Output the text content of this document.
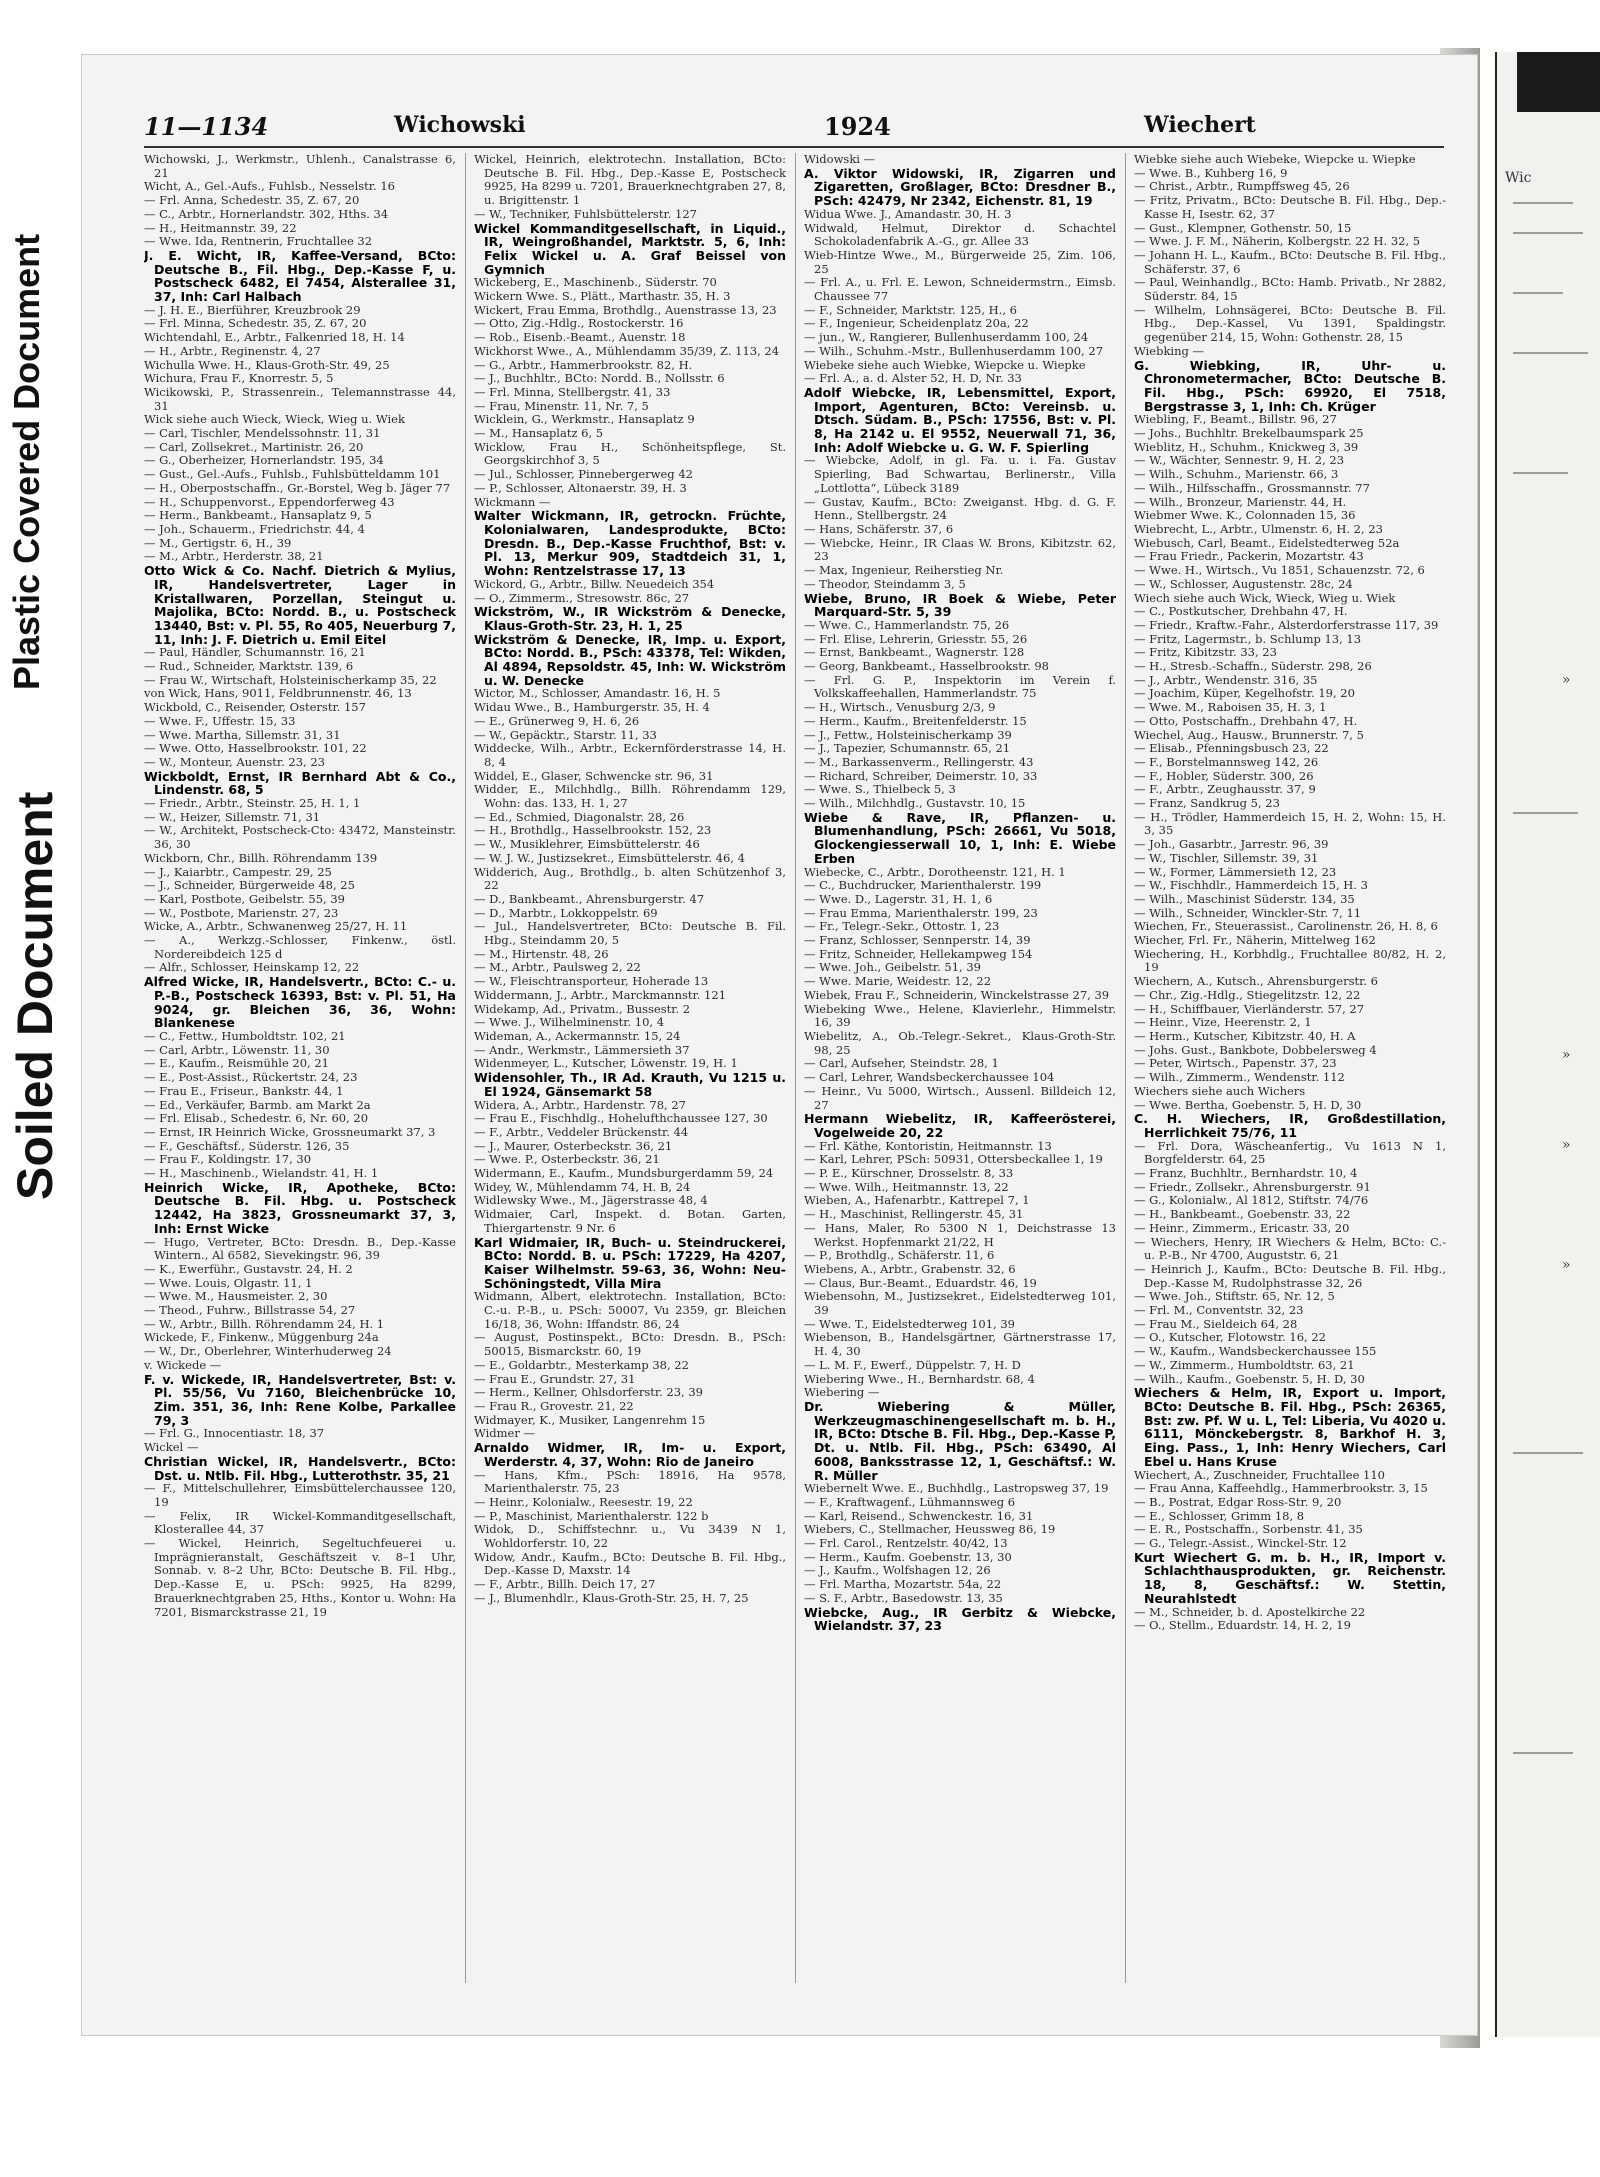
Plastic Covered Document
Soiled Document
Wic
»
»
»
»
11—1134	Wichowski	1924	Wiechert

Wichowski, J., Werkmstr., Uhlenh., Canalstrasse 6, 21

Wicht, A., Gel.-Aufs., Fuhlsb., Nesselstr. 16

— Frl. Anna, Schedestr. 35, Z. 67, 20

— C., Arbtr., Hornerlandstr. 302, Hths. 34

— H., Heitmannstr. 39, 22

— Wwe. Ida, Rentnerin, Fruchtallee 32

J. E. Wicht, IR, Kaffee-Versand, BCto: Deutsche B., Fil. Hbg., Dep.-Kasse F, u. Postscheck 6482, El 7454, Alsterallee 31, 37, Inh: Carl Halbach

— J. H. E., Bierführer, Kreuzbrook 29

— Frl. Minna, Schedestr. 35, Z. 67, 20

Wichtendahl, E., Arbtr., Falkenried 18, H. 14

— H., Arbtr., Reginenstr. 4, 27

Wichulla Wwe. H., Klaus-Groth-Str. 49, 25

Wichura, Frau F., Knorrestr. 5, 5

Wicikowski, P., Strassenrein., Telemannstrasse 44, 31

Wick siehe auch Wieck, Wieck, Wieg u. Wiek

— Carl, Tischler, Mendelssohnstr. 11, 31

— Carl, Zollsekret., Martinistr. 26, 20

— G., Oberheizer, Hornerlandstr. 195, 34

— Gust., Gel.-Aufs., Fuhlsb., Fuhlsbütteldamm 101

— H., Oberpostschaffn., Gr.-Borstel, Weg b. Jäger 77

— H., Schuppenvorst., Eppendorferweg 43

— Herm., Bankbeamt., Hansaplatz 9, 5

— Joh., Schauerm., Friedrichstr. 44, 4

— M., Gertigstr. 6, H., 39

— M., Arbtr., Herderstr. 38, 21

Otto Wick & Co. Nachf. Dietrich & Mylius, IR, Handelsvertreter, Lager in Kristallwaren, Porzellan, Steingut u. Majolika, BCto: Nordd. B., u. Postscheck 13440, Bst: v. Pl. 55, Ro 405, Neuerburg 7, 11, Inh: J. F. Dietrich u. Emil Eitel

— Paul, Händler, Schumannstr. 16, 21

— Rud., Schneider, Marktstr. 139, 6

— Frau W., Wirtschaft, Holsteinischerkamp 35, 22

von Wick, Hans, 9011, Feldbrunnenstr. 46, 13

Wickbold, C., Reisender, Osterstr. 157

— Wwe. F., Uffestr. 15, 33

— Wwe. Martha, Sillemstr. 31, 31

— Wwe. Otto, Hasselbrookstr. 101, 22

— W., Monteur, Auenstr. 23, 23

Wickboldt, Ernst, IR Bernhard Abt & Co., Lindenstr. 68, 5

— Friedr., Arbtr., Steinstr. 25, H. 1, 1

— W., Heizer, Sillemstr. 71, 31

— W., Architekt, Postscheck-Cto: 43472, Mansteinstr. 36, 30

Wickborn, Chr., Billh. Röhrendamm 139

— J., Kaiarbtr., Campestr. 29, 25

— J., Schneider, Bürgerweide 48, 25

— Karl, Postbote, Geibelstr. 55, 39

— W., Postbote, Marienstr. 27, 23

Wicke, A., Arbtr., Schwanenweg 25/27, H. 11

— A., Werkzg.-Schlosser, Finkenw., östl. Nordereibdeich 125 d

— Alfr., Schlosser, Heinskamp 12, 22

Alfred Wicke, IR, Handelsvertr., BCto: C.- u. P.-B., Postscheck 16393, Bst: v. Pl. 51, Ha 9024, gr. Bleichen 36, 36, Wohn: Blankenese

— C., Fettw., Humboldtstr. 102, 21

— Carl, Arbtr., Löwenstr. 11, 30

— E., Kaufm., Reismühle 20, 21

— E., Post-Assist., Rückertstr. 24, 23

— Frau E., Friseur., Bankstr. 44, 1

— Ed., Verkäufer, Barmb. am Markt 2a

— Frl. Elisab., Schedestr. 6, Nr. 60, 20

— Ernst, IR Heinrich Wicke, Grossneumarkt 37, 3

— F., Geschäftsf., Süderstr. 126, 35

— Frau F., Koldingstr. 17, 30

— H., Maschinenb., Wielandstr. 41, H. 1

Heinrich Wicke, IR, Apotheke, BCto: Deutsche B. Fil. Hbg. u. Postscheck 12442, Ha 3823, Grossneumarkt 37, 3, Inh: Ernst Wicke

— Hugo, Vertreter, BCto: Dresdn. B., Dep.-Kasse Wintern., Al 6582, Sievekingstr. 96, 39

— K., Ewerführ., Gustavstr. 24, H. 2

— Wwe. Louis, Olgastr. 11, 1

— Wwe. M., Hausmeister. 2, 30

— Theod., Fuhrw., Billstrasse 54, 27

— W., Arbtr., Billh. Röhrendamm 24, H. 1

Wickede, F., Finkenw., Müggenburg 24a

— W., Dr., Oberlehrer, Winterhuderweg 24

v. Wickede —

F. v. Wickede, IR, Handelsvertreter, Bst: v. Pl. 55/56, Vu 7160, Bleichenbrücke 10, Zim. 351, 36, Inh: Rene Kolbe, Parkallee 79, 3

— Frl. G., Innocentiastr. 18, 37

Wickel —

Christian Wickel, IR, Handelsvertr., BCto: Dst. u. Ntlb. Fil. Hbg., Lutterothstr. 35, 21

— F., Mittelschullehrer, Eimsbüttelerchaussee 120, 19

— Felix, IR Wickel-Kommanditgesellschaft, Klosterallee 44, 37

— Wickel, Heinrich, Segeltuchfeuerei u. Imprägnieranstalt, Geschäftszeit v. 8–1 Uhr, Sonnab. v. 8–2 Uhr, BCto: Deutsche B. Fil. Hbg., Dep.-Kasse E, u. PSch: 9925, Ha 8299, Brauerknechtgraben 25, Hths., Kontor u. Wohn: Ha 7201, Bismarckstrasse 21, 19

Wickel, Heinrich, elektrotechn. Installation, BCto: Deutsche B. Fil. Hbg., Dep.-Kasse E, Postscheck 9925, Ha 8299 u. 7201, Brauerknechtgraben 27, 8, u. Brigittenstr. 1

— W., Techniker, Fuhlsbüttelerstr. 127

Wickel Kommanditgesellschaft, in Liquid., IR, Weingroßhandel, Marktstr. 5, 6, Inh: Felix Wickel u. A. Graf Beissel von Gymnich

Wickeberg, E., Maschinenb., Süderstr. 70

Wickern Wwe. S., Plätt., Marthastr. 35, H. 3

Wickert, Frau Emma, Brothdlg., Auenstrasse 13, 23

— Otto, Zig.-Hdlg., Rostockerstr. 16

— Rob., Eisenb.-Beamt., Auenstr. 18

Wickhorst Wwe., A., Mühlendamm 35/39, Z. 113, 24

— G., Arbtr., Hammerbrookstr. 82, H.

— J., Buchhltr., BCto: Nordd. B., Nollsstr. 6

— Frl. Minna, Stellbergstr. 41, 33

— Frau, Minenstr. 11, Nr. 7, 5

Wicklein, G., Werkmstr., Hansaplatz 9

— M., Hansaplatz 6, 5

Wicklow, Frau H., Schönheitspflege, St. Georgskirchhof 3, 5

— Jul., Schlosser, Pinnebergerweg 42

— P., Schlosser, Altonaerstr. 39, H. 3

Wickmann —

Walter Wickmann, IR, getrockn. Früchte, Kolonialwaren, Landesprodukte, BCto: Dresdn. B., Dep.-Kasse Fruchthof, Bst: v. Pl. 13, Merkur 909, Stadtdeich 31, 1, Wohn: Rentzelstrasse 17, 13

Wickord, G., Arbtr., Billw. Neuedeich 354

— O., Zimmerm., Stresowstr. 86c, 27

Wickström, W., IR Wickström & Denecke, Klaus-Groth-Str. 23, H. 1, 25

Wickström & Denecke, IR, Imp. u. Export, BCto: Nordd. B., PSch: 43378, Tel: Wikden, Al 4894, Repsoldstr. 45, Inh: W. Wickström u. W. Denecke

Wictor, M., Schlosser, Amandastr. 16, H. 5

Widau Wwe., B., Hamburgerstr. 35, H. 4

— E., Grünerweg 9, H. 6, 26

— W., Gepäcktr., Starstr. 11, 33

Widdecke, Wilh., Arbtr., Eckernförderstrasse 14, H. 8, 4

Widdel, E., Glaser, Schwencke str. 96, 31

Widder, E., Milchhdlg., Billh. Röhrendamm 129, Wohn: das. 133, H. 1, 27

— Ed., Schmied, Diagonalstr. 28, 26

— H., Brothdlg., Hasselbrookstr. 152, 23

— W., Musiklehrer, Eimsbüttelerstr. 46

— W. J. W., Justizsekret., Eimsbüttelerstr. 46, 4

Widderich, Aug., Brothdlg., b. alten Schützenhof 3, 22

— D., Bankbeamt., Ahrensburgerstr. 47

— D., Marbtr., Lokkoppelstr. 69

— Jul., Handelsvertreter, BCto: Deutsche B. Fil. Hbg., Steindamm 20, 5

— M., Hirtenstr. 48, 26

— M., Arbtr., Paulsweg 2, 22

— W., Fleischtransporteur, Hoherade 13

Widdermann, J., Arbtr., Marckmannstr. 121

Widekamp, Ad., Privatm., Bussestr. 2

— Wwe. J., Wilhelminenstr. 10, 4

Wideman, A., Ackermannstr. 15, 24

— Andr., Werkmstr., Lämmersieth 37

Widenmeyer, L., Kutscher, Löwenstr. 19, H. 1

Widensohler, Th., IR Ad. Krauth, Vu 1215 u. El 1924, Gänsemarkt 58

Widera, A., Arbtr., Hardenstr. 78, 27

— Frau E., Fischhdlg., Hohelufthchaussee 127, 30

— F., Arbtr., Veddeler Brückenstr. 44

— J., Maurer, Osterbeckstr. 36, 21

— Wwe. P., Osterbeckstr. 36, 21

Widermann, E., Kaufm., Mundsburgerdamm 59, 24

Widey, W., Mühlendamm 74, H. B, 24

Widlewsky Wwe., M., Jägerstrasse 48, 4

Widmaier, Carl, Inspekt. d. Botan. Garten, Thiergartenstr. 9 Nr. 6

Karl Widmaier, IR, Buch- u. Steindruckerei, BCto: Nordd. B. u. PSch: 17229, Ha 4207, Kaiser Wilhelmstr. 59-63, 36, Wohn: Neu-Schöningstedt, Villa Mira

Widmann, Albert, elektrotechn. Installation, BCto: C.-u. P.-B., u. PSch: 50007, Vu 2359, gr. Bleichen 16/18, 36, Wohn: Iffandstr. 86, 24

— August, Postinspekt., BCto: Dresdn. B., PSch: 50015, Bismarckstr. 60, 19

— E., Goldarbtr., Mesterkamp 38, 22

— Frau E., Grundstr. 27, 31

— Herm., Kellner, Ohlsdorferstr. 23, 39

— Frau R., Grovestr. 21, 22

Widmayer, K., Musiker, Langenrehm 15

Widmer —

Arnaldo Widmer, IR, Im- u. Export, Werderstr. 4, 37, Wohn: Rio de Janeiro

— Hans, Kfm., PSch: 18916, Ha 9578, Marienthalerstr. 75, 23

— Heinr., Kolonialw., Reesestr. 19, 22

— P., Maschinist, Marienthalerstr. 122 b

Widok, D., Schiffstechnr. u., Vu 3439 N 1, Wohldorferstr. 10, 22

Widow, Andr., Kaufm., BCto: Deutsche B. Fil. Hbg., Dep.-Kasse D, Maxstr. 14

— F., Arbtr., Billh. Deich 17, 27

— J., Blumenhdlr., Klaus-Groth-Str. 25, H. 7, 25

Widowski —

A. Viktor Widowski, IR, Zigarren und Zigaretten, Großlager, BCto: Dresdner B., PSch: 42479, Nr 2342, Eichenstr. 81, 19

Widua Wwe. J., Amandastr. 30, H. 3

Widwald, Helmut, Direktor d. Schachtel Schokoladenfabrik A.-G., gr. Allee 33

Wieb-Hintze Wwe., M., Bürgerweide 25, Zim. 106, 25

— Frl. A., u. Frl. E. Lewon, Schneidermstrn., Eimsb. Chaussee 77

— F., Schneider, Marktstr. 125, H., 6

— F., Ingenieur, Scheidenplatz 20a, 22

— jun., W., Rangierer, Bullenhuserdamm 100, 24

— Wilh., Schuhm.-Mstr., Bullenhuserdamm 100, 27

Wiebeke siehe auch Wiebke, Wiepcke u. Wiepke

— Frl. A., a. d. Alster 52, H. D, Nr. 33

Adolf Wiebcke, IR, Lebensmittel, Export, Import, Agenturen, BCto: Vereinsb. u. Dtsch. Südam. B., PSch: 17556, Bst: v. Pl. 8, Ha 2142 u. El 9552, Neuerwall 71, 36, Inh: Adolf Wiebcke u. G. W. F. Spierling

— Wiebcke, Adolf, in gl. Fa. u. i. Fa. Gustav Spierling, Bad Schwartau, Berlinerstr., Villa „Lottlotta“, Lübeck 3189

— Gustav, Kaufm., BCto: Zweiganst. Hbg. d. G. F. Henn., Stellbergstr. 24

— Hans, Schäferstr. 37, 6

— Wiebcke, Heinr., IR Claas W. Brons, Kibitzstr. 62, 23

— Max, Ingenieur, Reiherstieg Nr.

— Theodor, Steindamm 3, 5

Wiebe, Bruno, IR Boek & Wiebe, Peter Marquard-Str. 5, 39

— Wwe. C., Hammerlandstr. 75, 26

— Frl. Elise, Lehrerin, Griesstr. 55, 26

— Ernst, Bankbeamt., Wagnerstr. 128

— Georg, Bankbeamt., Hasselbrookstr. 98

— Frl. G. P., Inspektorin im Verein f. Volkskaffeehallen, Hammerlandstr. 75

— H., Wirtsch., Venusburg 2/3, 9

— Herm., Kaufm., Breitenfelderstr. 15

— J., Fettw., Holsteinischerkamp 39

— J., Tapezier, Schumannstr. 65, 21

— M., Barkassenverm., Rellingerstr. 43

— Richard, Schreiber, Deimerstr. 10, 33

— Wwe. S., Thielbeck 5, 3

— Wilh., Milchhdlg., Gustavstr. 10, 15

Wiebe & Rave, IR, Pflanzen- u. Blumenhandlung, PSch: 26661, Vu 5018, Glockengiesserwall 10, 1, Inh: E. Wiebe Erben

Wiebecke, C., Arbtr., Dorotheenstr. 121, H. 1

— C., Buchdrucker, Marienthalerstr. 199

— Wwe. D., Lagerstr. 31, H. 1, 6

— Frau Emma, Marienthalerstr. 199, 23

— Fr., Telegr.-Sekr., Ottostr. 1, 23

— Franz, Schlosser, Sennperstr. 14, 39

— Fritz, Schneider, Hellekampweg 154

— Wwe. Joh., Geibelstr. 51, 39

— Wwe. Marie, Weidestr. 12, 22

Wiebek, Frau F., Schneiderin, Winckelstrasse 27, 39

Wiebeking Wwe., Helene, Klavierlehr., Himmelstr. 16, 39

Wiebelitz, A., Ob.-Telegr.-Sekret., Klaus-Groth-Str. 98, 25

— Carl, Aufseher, Steindstr. 28, 1

— Carl, Lehrer, Wandsbeckerchaussee 104

— Heinr., Vu 5000, Wirtsch., Aussenl. Billdeich 12, 27

Hermann Wiebelitz, IR, Kaffeerösterei, Vogelweide 20, 22

— Frl. Käthe, Kontoristin, Heitmannstr. 13

— Karl, Lehrer, PSch: 50931, Ottersbeckallee 1, 19

— P. E., Kürschner, Drosselstr. 8, 33

— Wwe. Wilh., Heitmannstr. 13, 22

Wieben, A., Hafenarbtr., Kattrepel 7, 1

— H., Maschinist, Rellingerstr. 45, 31

— Hans, Maler, Ro 5300 N 1, Deichstrasse 13 Werkst. Hopfenmarkt 21/22, H

— P., Brothdlg., Schäferstr. 11, 6

Wiebens, A., Arbtr., Grabenstr. 32, 6

— Claus, Bur.-Beamt., Eduardstr. 46, 19

Wiebensohn, M., Justizsekret., Eidelstedterweg 101, 39

— Wwe. T., Eidelstedterweg 101, 39

Wiebenson, B., Handelsgärtner, Gärtnerstrasse 17, H. 4, 30

— L. M. F., Ewerf., Düppelstr. 7, H. D

Wiebering Wwe., H., Bernhardstr. 68, 4

Wiebering —

Dr. Wiebering & Müller, Werkzeugmaschinengesellschaft m. b. H., IR, BCto: Dtsche B. Fil. Hbg., Dep.-Kasse P, Dt. u. Ntlb. Fil. Hbg., PSch: 63490, Al 6008, Banksstrasse 12, 1, Geschäftsf.: W. R. Müller

Wiebernelt Wwe. E., Buchhdlg., Lastropsweg 37, 19

— F., Kraftwagenf., Lühmannsweg 6

— Karl, Reisend., Schwenckestr. 16, 31

Wiebers, C., Stellmacher, Heussweg 86, 19

— Frl. Carol., Rentzelstr. 40/42, 13

— Herm., Kaufm. Goebenstr. 13, 30

— J., Kaufm., Wolfshagen 12, 26

— Frl. Martha, Mozartstr. 54a, 22

— S. F., Arbtr., Basedowstr. 13, 35

Wiebcke, Aug., IR Gerbitz & Wiebcke, Wielandstr. 37, 23

Wiebke siehe auch Wiebeke, Wiepcke u. Wiepke

— Wwe. B., Kuhberg 16, 9

— Christ., Arbtr., Rumpffsweg 45, 26

— Fritz, Privatm., BCto: Deutsche B. Fil. Hbg., Dep.-Kasse H, Isestr. 62, 37

— Gust., Klempner, Gothenstr. 50, 15

— Wwe. J. F. M., Näherin, Kolbergstr. 22 H. 32, 5

— Johann H. L., Kaufm., BCto: Deutsche B. Fil. Hbg., Schäferstr. 37, 6

— Paul, Weinhandlg., BCto: Hamb. Privatb., Nr 2882, Süderstr. 84, 15

— Wilhelm, Lohnsägerei, BCto: Deutsche B. Fil. Hbg., Dep.-Kassel, Vu 1391, Spaldingstr. gegenüber 214, 15, Wohn: Gothenstr. 28, 15

Wiebking —

G. Wiebking, IR, Uhr- u. Chronometermacher, BCto: Deutsche B. Fil. Hbg., PSch: 69920, El 7518, Bergstrasse 3, 1, Inh: Ch. Krüger

Wiebling, F., Beamt., Billstr. 96, 27

— Johs., Buchhltr. Brekelbaumspark 25

Wieblitz, H., Schuhm., Knickweg 3, 39

— W., Wächter, Sennestr. 9, H. 2, 23

— Wilh., Schuhm., Marienstr. 66, 3

— Wilh., Hilfsschaffn., Grossmannstr. 77

— Wilh., Bronzeur, Marienstr. 44, H.

Wiebmer Wwe. K., Colonnaden 15, 36

Wiebrecht, L., Arbtr., Ulmenstr. 6, H. 2, 23

Wiebusch, Carl, Beamt., Eidelstedterweg 52a

— Frau Friedr., Packerin, Mozartstr. 43

— Wwe. H., Wirtsch., Vu 1851, Schauenzstr. 72, 6

— W., Schlosser, Augustenstr. 28c, 24

Wiech siehe auch Wick, Wieck, Wieg u. Wiek

— C., Postkutscher, Drehbahn 47, H.

— Friedr., Kraftw.-Fahr., Alsterdorferstrasse 117, 39

— Fritz, Lagermstr., b. Schlump 13, 13

— Fritz, Kibitzstr. 33, 23

— H., Stresb.-Schaffn., Süderstr. 298, 26

— J., Arbtr., Wendenstr. 316, 35

— Joachim, Küper, Kegelhofstr. 19, 20

— Wwe. M., Raboisen 35, H. 3, 1

— Otto, Postschaffn., Drehbahn 47, H.

Wiechel, Aug., Hausw., Brunnerstr. 7, 5

— Elisab., Pfenningsbusch 23, 22

— F., Borstelmannsweg 142, 26

— F., Hobler, Süderstr. 300, 26

— F., Arbtr., Zeughausstr. 37, 9

— Franz, Sandkrug 5, 23

— H., Trödler, Hammerdeich 15, H. 2, Wohn: 15, H. 3, 35

— Joh., Gasarbtr., Jarrestr. 96, 39

— W., Tischler, Sillemstr. 39, 31

— W., Former, Lämmersieth 12, 23

— W., Fischhdlr., Hammerdeich 15, H. 3

— Wilh., Maschinist Süderstr. 134, 35

— Wilh., Schneider, Winckler-Str. 7, 11

Wiechen, Fr., Steuerassist., Carolinenstr. 26, H. 8, 6

Wiecher, Frl. Fr., Näherin, Mittelweg 162

Wiechering, H., Korbhdlg., Fruchtallee 80/82, H. 2, 19

Wiechern, A., Kutsch., Ahrensburgerstr. 6

— Chr., Zig.-Hdlg., Stiegelitzstr. 12, 22

— H., Schiffbauer, Vierländerstr. 57, 27

— Heinr., Vize, Heerenstr. 2, 1

— Herm., Kutscher, Kibitzstr. 40, H. A

— Johs. Gust., Bankbote, Dobbelersweg 4

— Peter, Wirtsch., Papenstr. 37, 23

— Wilh., Zimmerm., Wendenstr. 112

Wiechers siehe auch Wichers

— Wwe. Bertha, Goebenstr. 5, H. D, 30

C. H. Wiechers, IR, Großdestillation, Herrlichkeit 75/76, 11

— Frl. Dora, Wäscheanfertig., Vu 1613 N 1, Borgfelderstr. 64, 25

— Franz, Buchhltr., Bernhardstr. 10, 4

— Friedr., Zollsekr., Ahrensburgerstr. 91

— G., Kolonialw., Al 1812, Stiftstr. 74/76

— H., Bankbeamt., Goebenstr. 33, 22

— Heinr., Zimmerm., Ericastr. 33, 20

— Wiechers, Henry, IR Wiechers & Helm, BCto: C.- u. P.-B., Nr 4700, Auguststr. 6, 21

— Heinrich J., Kaufm., BCto: Deutsche B. Fil. Hbg., Dep.-Kasse M, Rudolphstrasse 32, 26

— Wwe. Joh., Stiftstr. 65, Nr. 12, 5

— Frl. M., Conventstr. 32, 23

— Frau M., Sieldeich 64, 28

— O., Kutscher, Flotowstr. 16, 22

— W., Kaufm., Wandsbeckerchaussee 155

— W., Zimmerm., Humboldtstr. 63, 21

— Wilh., Kaufm., Goebenstr. 5, H. D, 30

Wiechers & Helm, IR, Export u. Import, BCto: Deutsche B. Fil. Hbg., PSch: 26365, Bst: zw. Pf. W u. L, Tel: Liberia, Vu 4020 u. 6111, Mönckebergstr. 8, Barkhof H. 3, Eing. Pass., 1, Inh: Henry Wiechers, Carl Ebel u. Hans Kruse

Wiechert, A., Zuschneider, Fruchtallee 110

— Frau Anna, Kaffeehdlg., Hammerbrookstr. 3, 15

— B., Postrat, Edgar Ross-Str. 9, 20

— E., Schlosser, Grimm 18, 8

— E. R., Postschaffn., Sorbenstr. 41, 35

— G., Telegr.-Assist., Winckel-Str. 12

Kurt Wiechert G. m. b. H., IR, Import v. Schlachthausprodukten, gr. Reichenstr. 18, 8, Geschäftsf.: W. Stettin, Neurahlstedt

— M., Schneider, b. d. Apostelkirche 22

— O., Stellm., Eduardstr. 14, H. 2, 19
